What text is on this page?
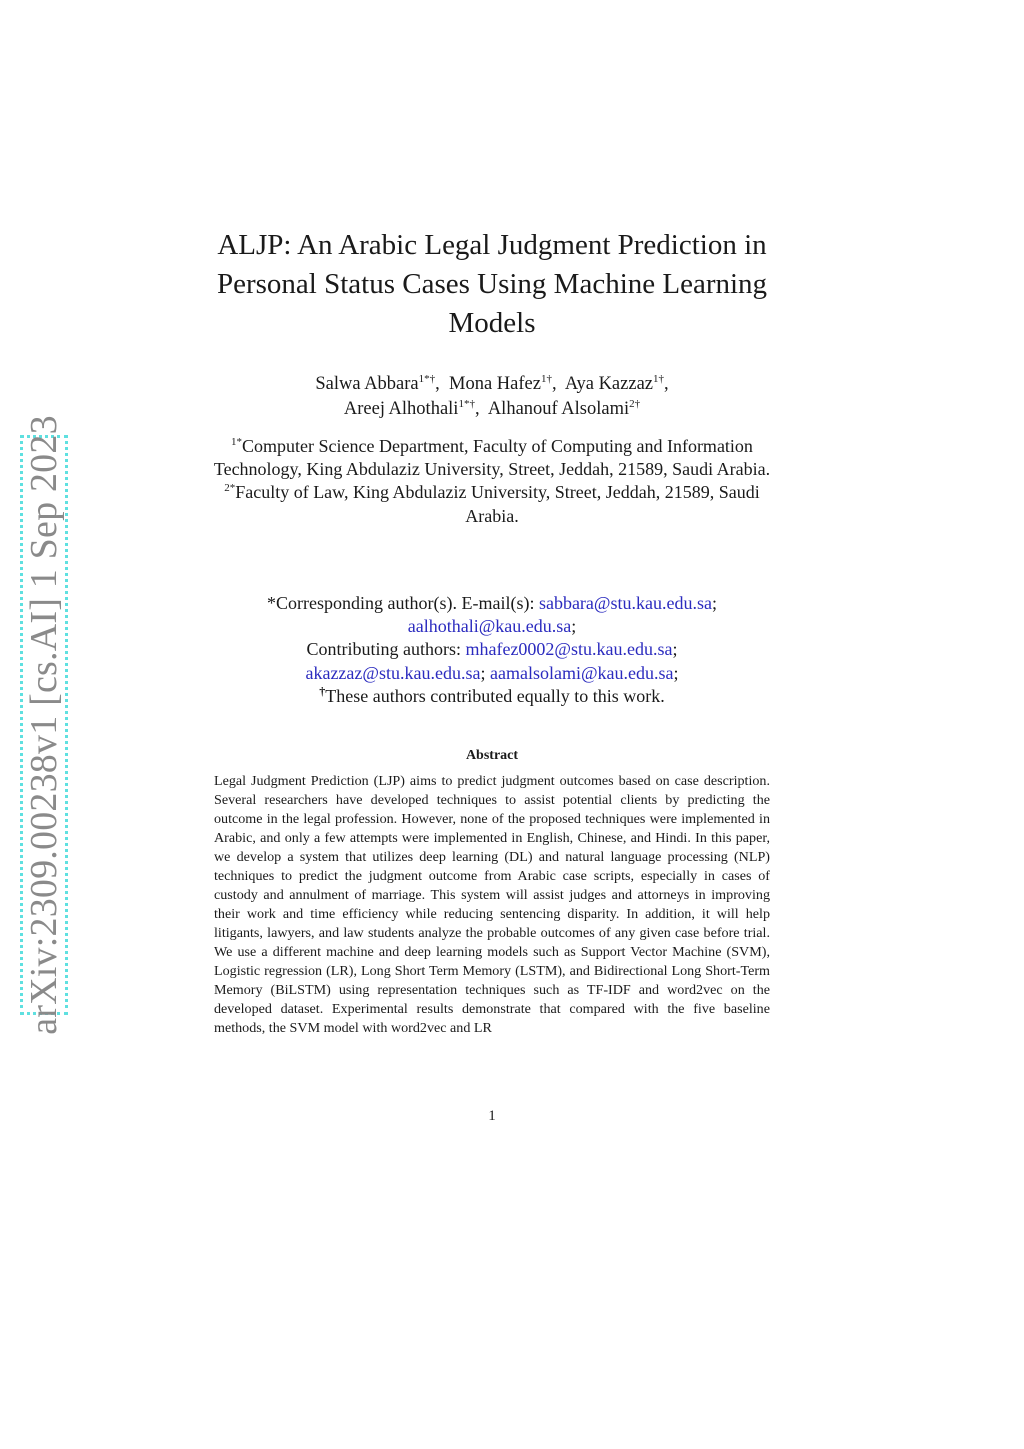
arXiv:2309.00238v1 [cs.AI] 1 Sep 2023
ALJP: An Arabic Legal Judgment Prediction in Personal Status Cases Using Machine Learning Models
Salwa Abbara$^{1*\dagger}$, Mona Hafez$^{1\dagger}$, Aya Kazzaz$^{1\dagger}$,
Areej Alhothali$^{1*\dagger}$, Alhanouf Alsolami$^{2\dagger}$

$^{1*}$Computer Science Department, Faculty of Computing and Information Technology, King Abdulaziz University, Street, Jeddah, 21589, Saudi Arabia.

$^{2*}$Faculty of Law, King Abdulaziz University, Street, Jeddah, 21589, Saudi Arabia.

*Corresponding author(s). E-mail(s): sabbara@stu.kau.edu.sa;

aalhothali@kau.edu.sa;

Contributing authors: mhafez0002@stu.kau.edu.sa;

akazzaz@stu.kau.edu.sa; aamalsolami@kau.edu.sa;

†These authors contributed equally to this work.

Abstract

Legal Judgment Prediction (LJP) aims to predict judgment outcomes based on case description. Several researchers have developed techniques to assist potential clients by predicting the outcome in the legal profession. However, none of the proposed techniques were implemented in Arabic, and only a few attempts were implemented in English, Chinese, and Hindi. In this paper, we develop a system that utilizes deep learning (DL) and natural language processing (NLP) techniques to predict the judgment outcome from Arabic case scripts, especially in cases of custody and annulment of marriage. This system will assist judges and attorneys in improving their work and time efficiency while reducing sentencing disparity. In addition, it will help litigants, lawyers, and law students analyze the probable outcomes of any given case before trial. We use a different machine and deep learning models such as Support Vector Machine (SVM), Logistic regression (LR), Long Short Term Memory (LSTM), and Bidirectional Long Short-Term Memory (BiLSTM) using representation techniques such as TF-IDF and word2vec on the developed dataset. Experimental results demonstrate that compared with the five baseline methods, the SVM model with word2vec and LR

1
